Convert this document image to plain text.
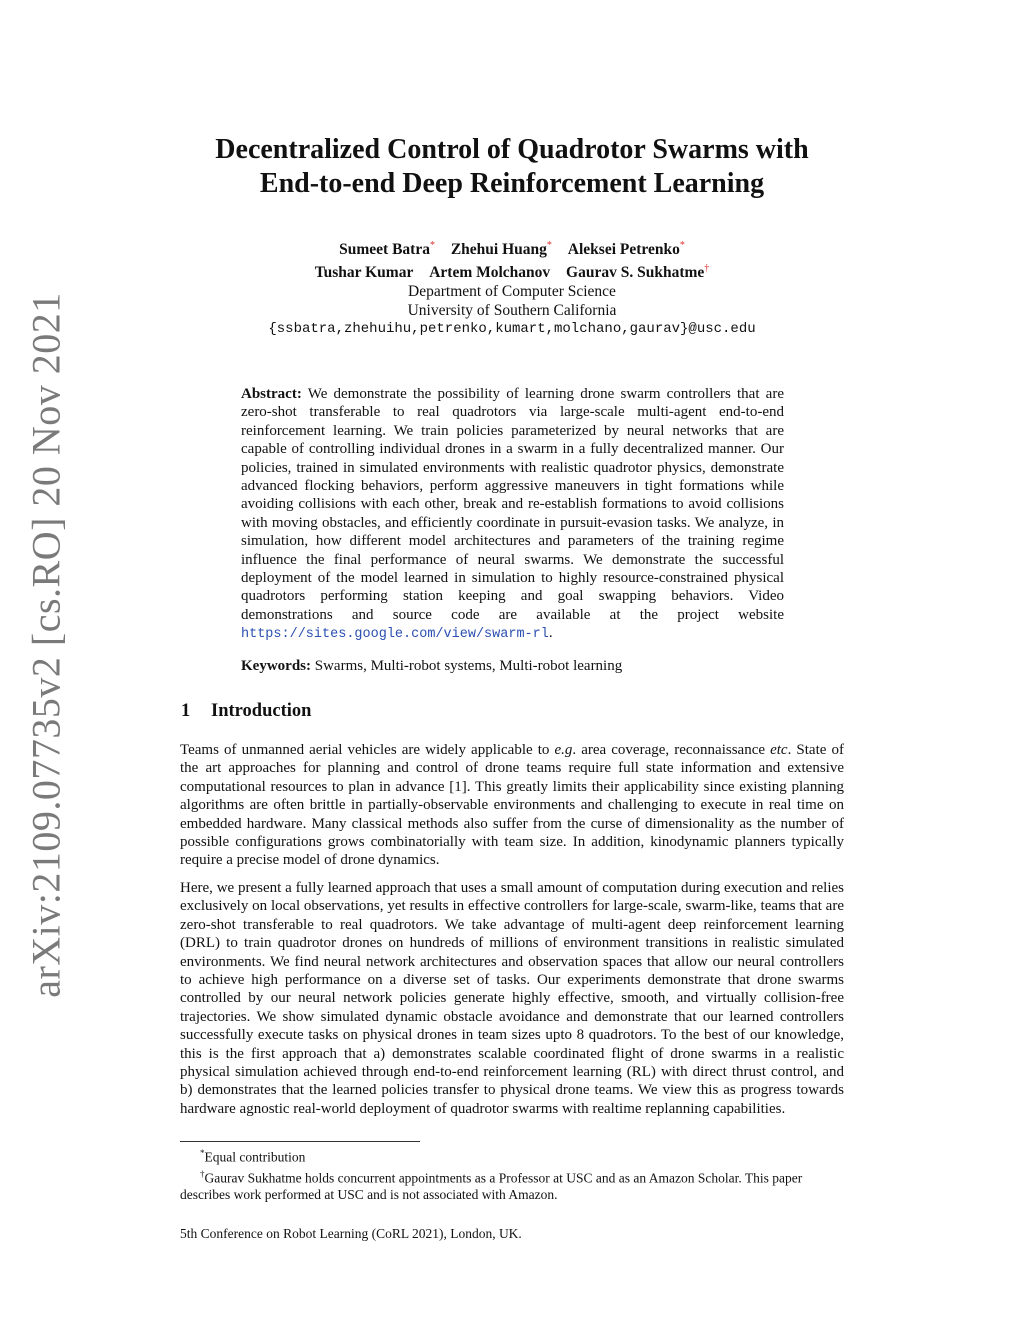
arXiv:2109.07735v2 [cs.RO] 20 Nov 2021
Decentralized Control of Quadrotor Swarms with
End-to-end Deep Reinforcement Learning
Sumeet Batra* Zhehui Huang* Aleksei Petrenko*
Tushar Kumar Artem Molchanov Gaurav S. Sukhatme†
Department of Computer Science
University of Southern California
{ssbatra,zhehuihu,petrenko,kumart,molchano,gaurav}@usc.edu
Abstract: We demonstrate the possibility of learning drone swarm controllers that are zero-shot transferable to real quadrotors via large-scale multi-agent end-to-end reinforcement learning. We train policies parameterized by neural networks that are capable of controlling individual drones in a swarm in a fully decentralized manner. Our policies, trained in simulated environments with realistic quadrotor physics, demonstrate advanced flocking behaviors, perform aggressive maneuvers in tight formations while avoiding collisions with each other, break and re-establish formations to avoid collisions with moving obstacles, and efficiently coordinate in pursuit-evasion tasks. We analyze, in simulation, how different model architectures and parameters of the training regime influence the final performance of neural swarms. We demonstrate the successful deployment of the model learned in simulation to highly resource-constrained physical quadrotors performing station keeping and goal swapping behaviors. Video demonstrations and source code are available at the project website https://sites.google.com/view/swarm-rl.
Keywords: Swarms, Multi-robot systems, Multi-robot learning
1 Introduction
Teams of unmanned aerial vehicles are widely applicable to e.g. area coverage, reconnaissance etc. State of the art approaches for planning and control of drone teams require full state information and extensive computational resources to plan in advance [1]. This greatly limits their applicability since existing planning algorithms are often brittle in partially-observable environments and challenging to execute in real time on embedded hardware. Many classical methods also suffer from the curse of dimensionality as the number of possible configurations grows combinatorially with team size. In addition, kinodynamic planners typically require a precise model of drone dynamics.
Here, we present a fully learned approach that uses a small amount of computation during execution and relies exclusively on local observations, yet results in effective controllers for large-scale, swarm-like, teams that are zero-shot transferable to real quadrotors. We take advantage of multi-agent deep reinforcement learning (DRL) to train quadrotor drones on hundreds of millions of environment transitions in realistic simulated environments. We find neural network architectures and observation spaces that allow our neural controllers to achieve high performance on a diverse set of tasks. Our experiments demonstrate that drone swarms controlled by our neural network policies generate highly effective, smooth, and virtually collision-free trajectories. We show simulated dynamic obstacle avoidance and demonstrate that our learned controllers successfully execute tasks on physical drones in team sizes upto 8 quadrotors. To the best of our knowledge, this is the first approach that a) demonstrates scalable coordinated flight of drone swarms in a realistic physical simulation achieved through end-to-end reinforcement learning (RL) with direct thrust control, and b) demonstrates that the learned policies transfer to physical drone teams. We view this as progress towards hardware agnostic real-world deployment of quadrotor swarms with realtime replanning capabilities.
*Equal contribution
†Gaurav Sukhatme holds concurrent appointments as a Professor at USC and as an Amazon Scholar. This paper describes work performed at USC and is not associated with Amazon.
5th Conference on Robot Learning (CoRL 2021), London, UK.
